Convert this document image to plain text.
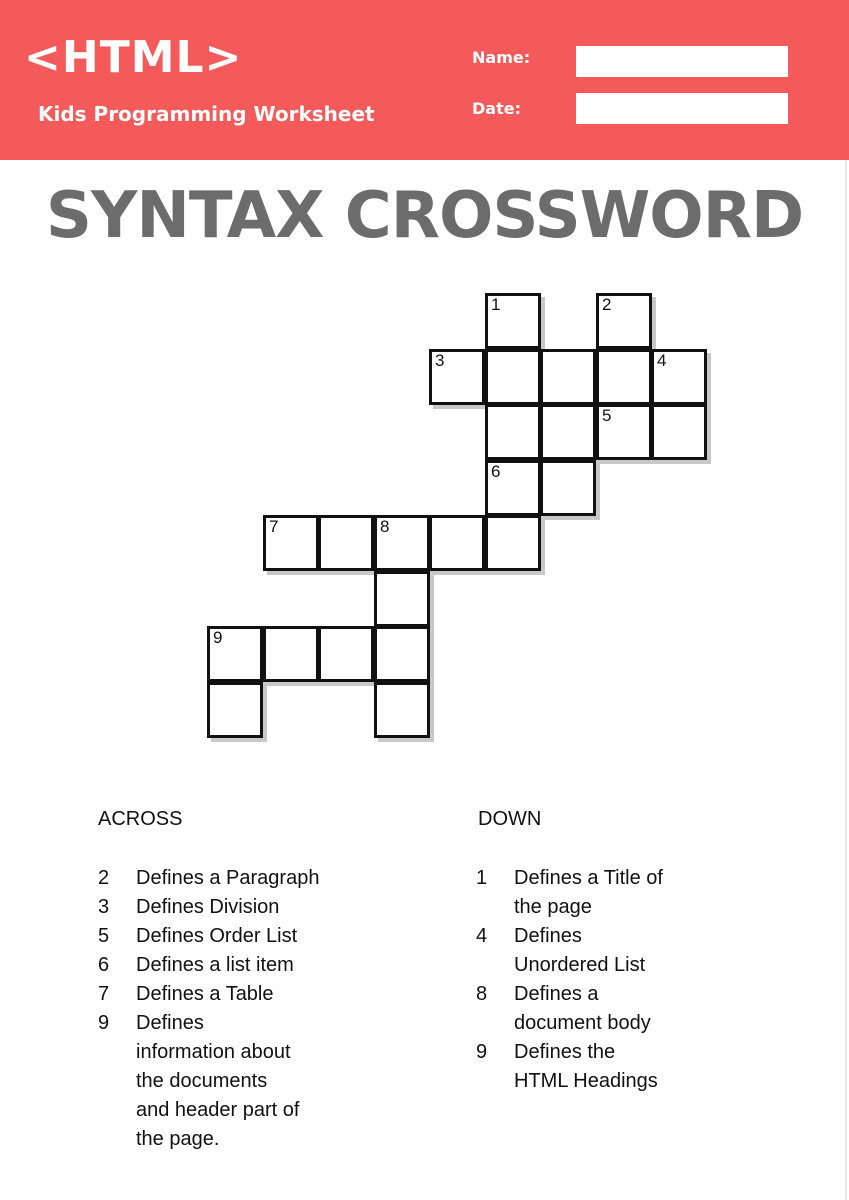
<HTML>
Kids Programming Worksheet
Name:
Date:
SYNTAX CROSSWORD
1	2
3	4
5
6
7	8
9
ACROSS
2	Defines a Paragraph
3	Defines Division
5	Defines Order List
6	Defines a list item
7	Defines a Table
9	Defines
information about
the documents
and header part of
the page.
DOWN
1	Defines a Title of
the page
4	Defines
Unordered List
8	Defines a
document body
9	Defines the
HTML Headings
